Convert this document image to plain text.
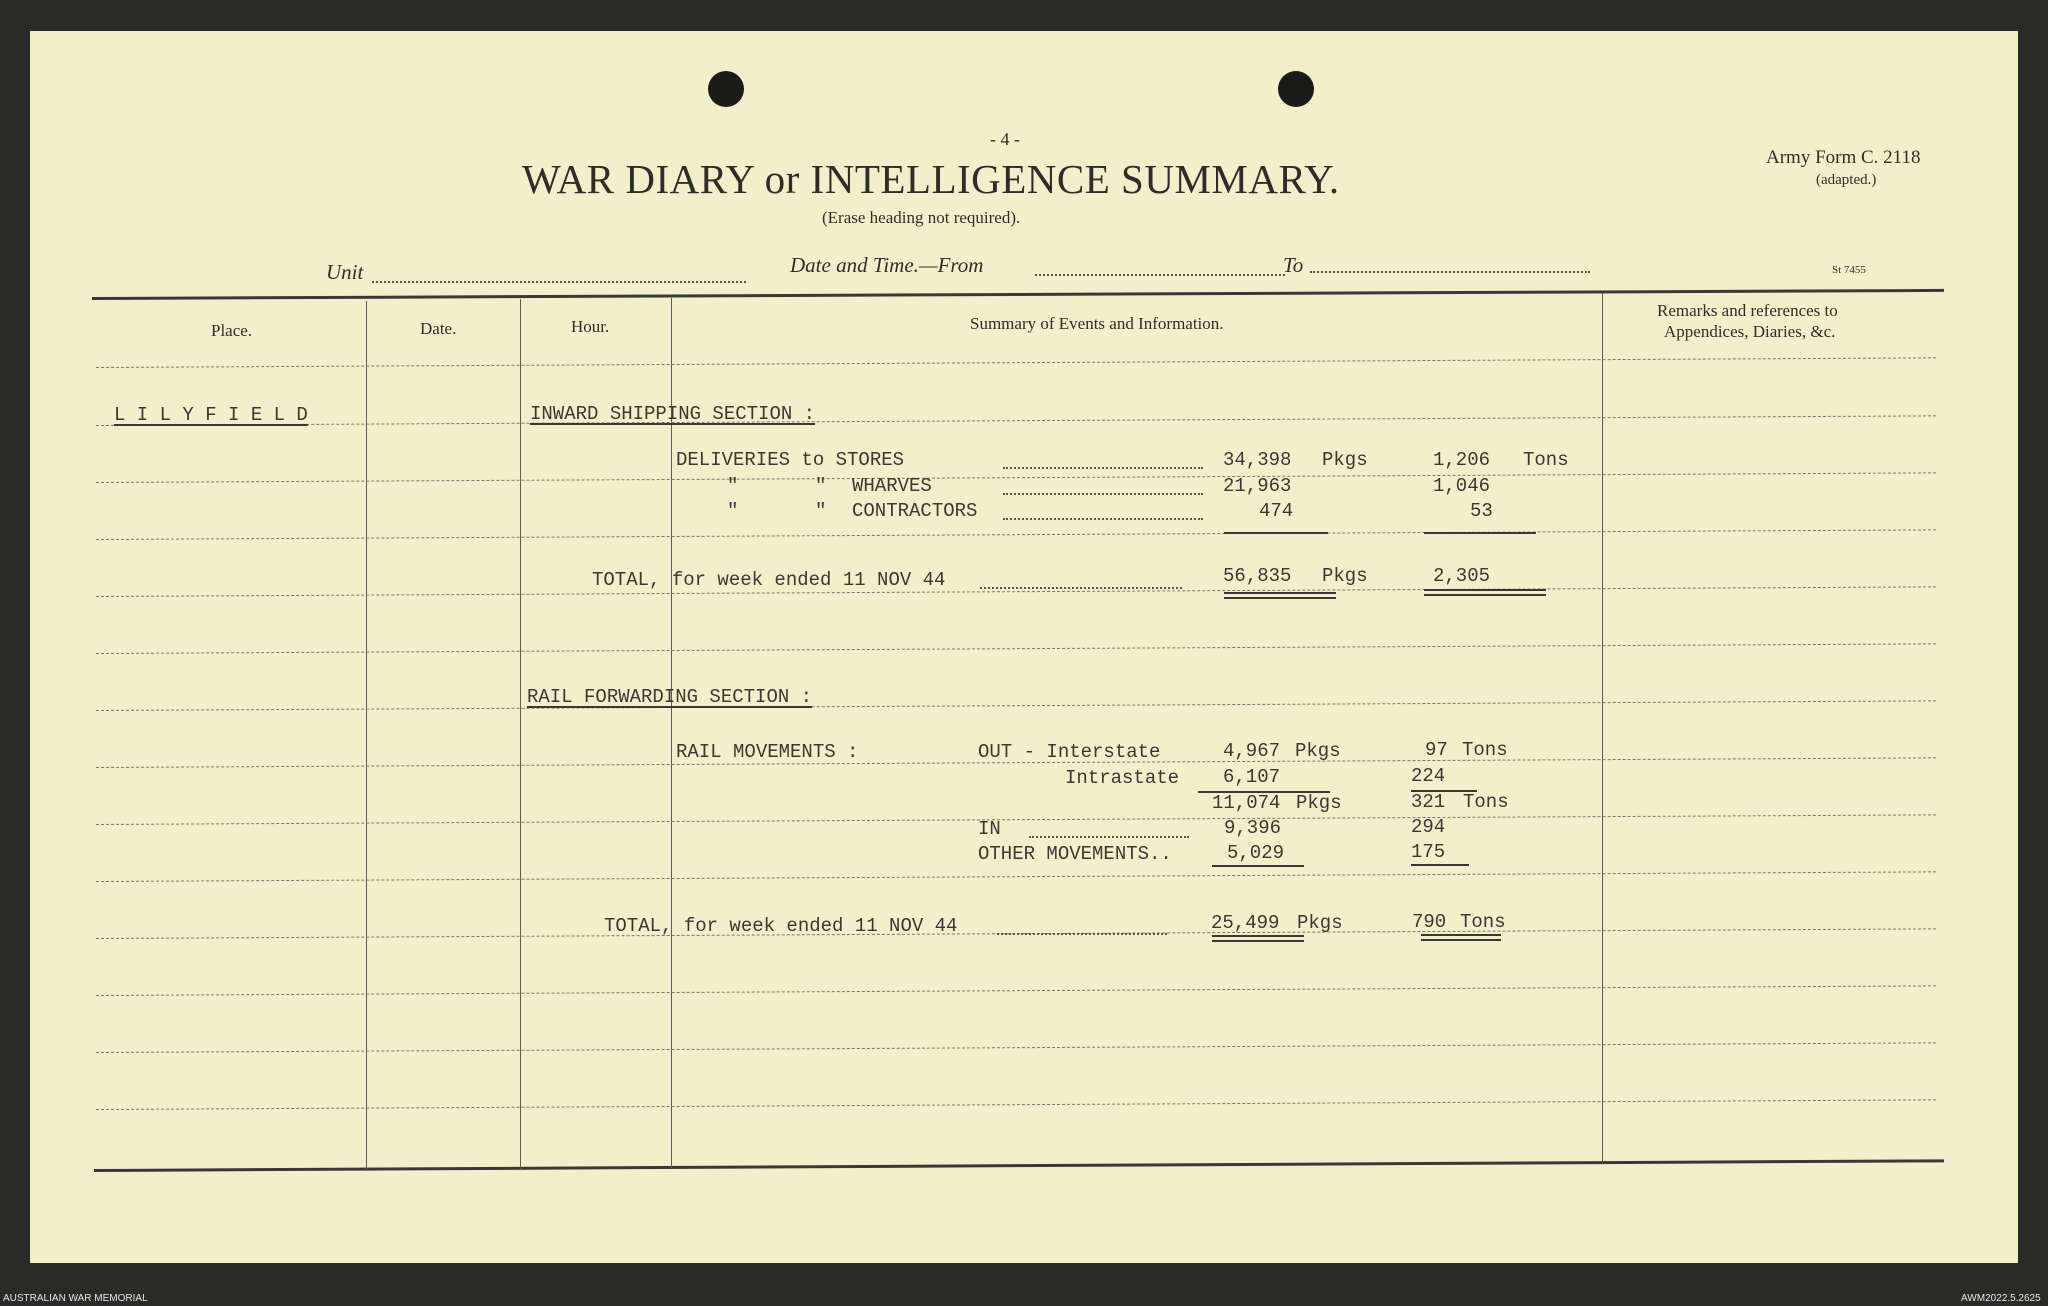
- 4 -
WAR DIARY or INTELLIGENCE SUMMARY.
(Erase heading not required).
Army Form C. 2118
(adapted.)
St 7455
Unit	Date and Time.—From	To
Place.	Date.	Hour.	Summary of Events and Information.
Remarks and references to
Appendices, Diaries, &c.
L I L Y F I E L D	INWARD SHIPPING SECTION :
DELIVERIES to STORES	34,398 Pkgs	1,206 Tons
"	" WHARVES	21,963	1,046
"	" CONTRACTORS	474	53
TOTAL, for week ended 11 NOV 44	56,835 Pkgs	2,305
RAIL FORWARDING SECTION :
RAIL MOVEMENTS :	OUT - Interstate	4,967 Pkgs	97 Tons
Intrastate 6,107	224
11,074 Pkgs	321 Tons
IN	9,396	294
OTHER MOVEMENTS..	5,029	175
TOTAL, for week ended 11 NOV 44	25,499 Pkgs	790 Tons
AUSTRALIAN WAR MEMORIAL	AWM2022.5.2625
